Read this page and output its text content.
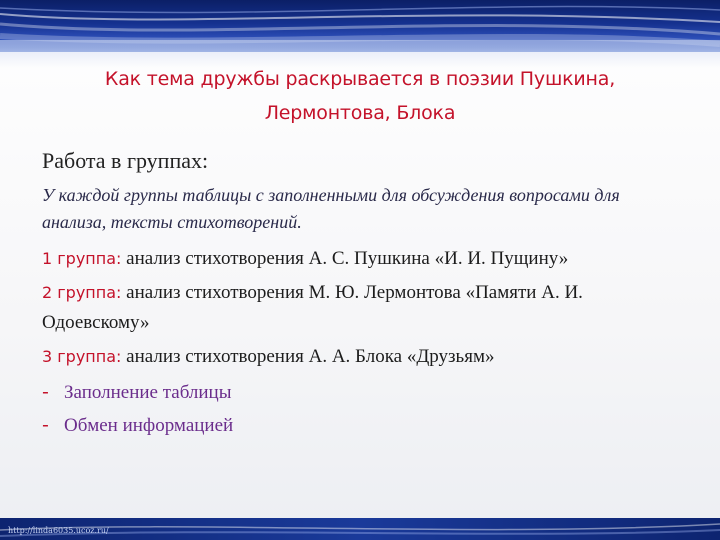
Как тема дружбы раскрывается в поэзии Пушкина, Лермонтова, Блока
Работа в группах:
У каждой группы таблицы с заполненными для обсуждения вопросами для анализа, тексты стихотворений.
1 группа: анализ стихотворения А. С. Пушкина «И. И. Пущину»
2 группа: анализ стихотворения М. Ю. Лермонтова «Памяти А. И. Одоевскому»
3 группа: анализ стихотворения А. А. Блока «Друзьям»
- Заполнение таблицы
- Обмен информацией
http://linda6035.ucoz.ru/
